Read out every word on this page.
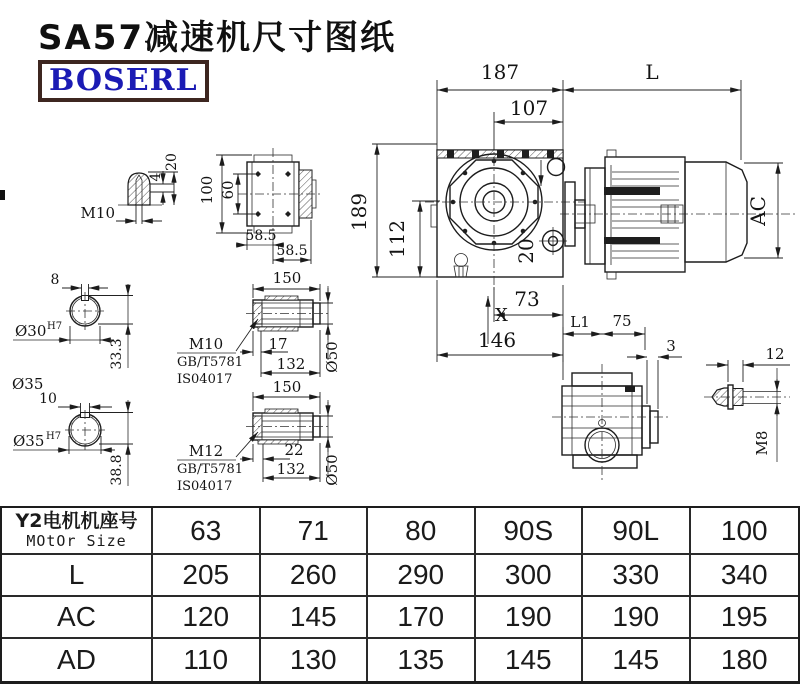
SA57减速机尺寸图纸
BOSERL	187	L
107
189
112	20
AC
73
146
X
100 60
58.5
58.5
M10
4
20
8
Ø30 H7
33.3
Ø35
10
Ø35 H7
38.8
150
17
132 Ø50
M10
GB/T5781
IS04017	150
22
132 Ø50
M12
GB/T5781
IS04017
L1 75
3	12
M8
Y2电机机座号
MOtOr Size	63	71	80	90S	90L	100
L	205	260	290	300	330	340
AC	120	145	170	190	190	195
AD	110	130	135	145	145	180
